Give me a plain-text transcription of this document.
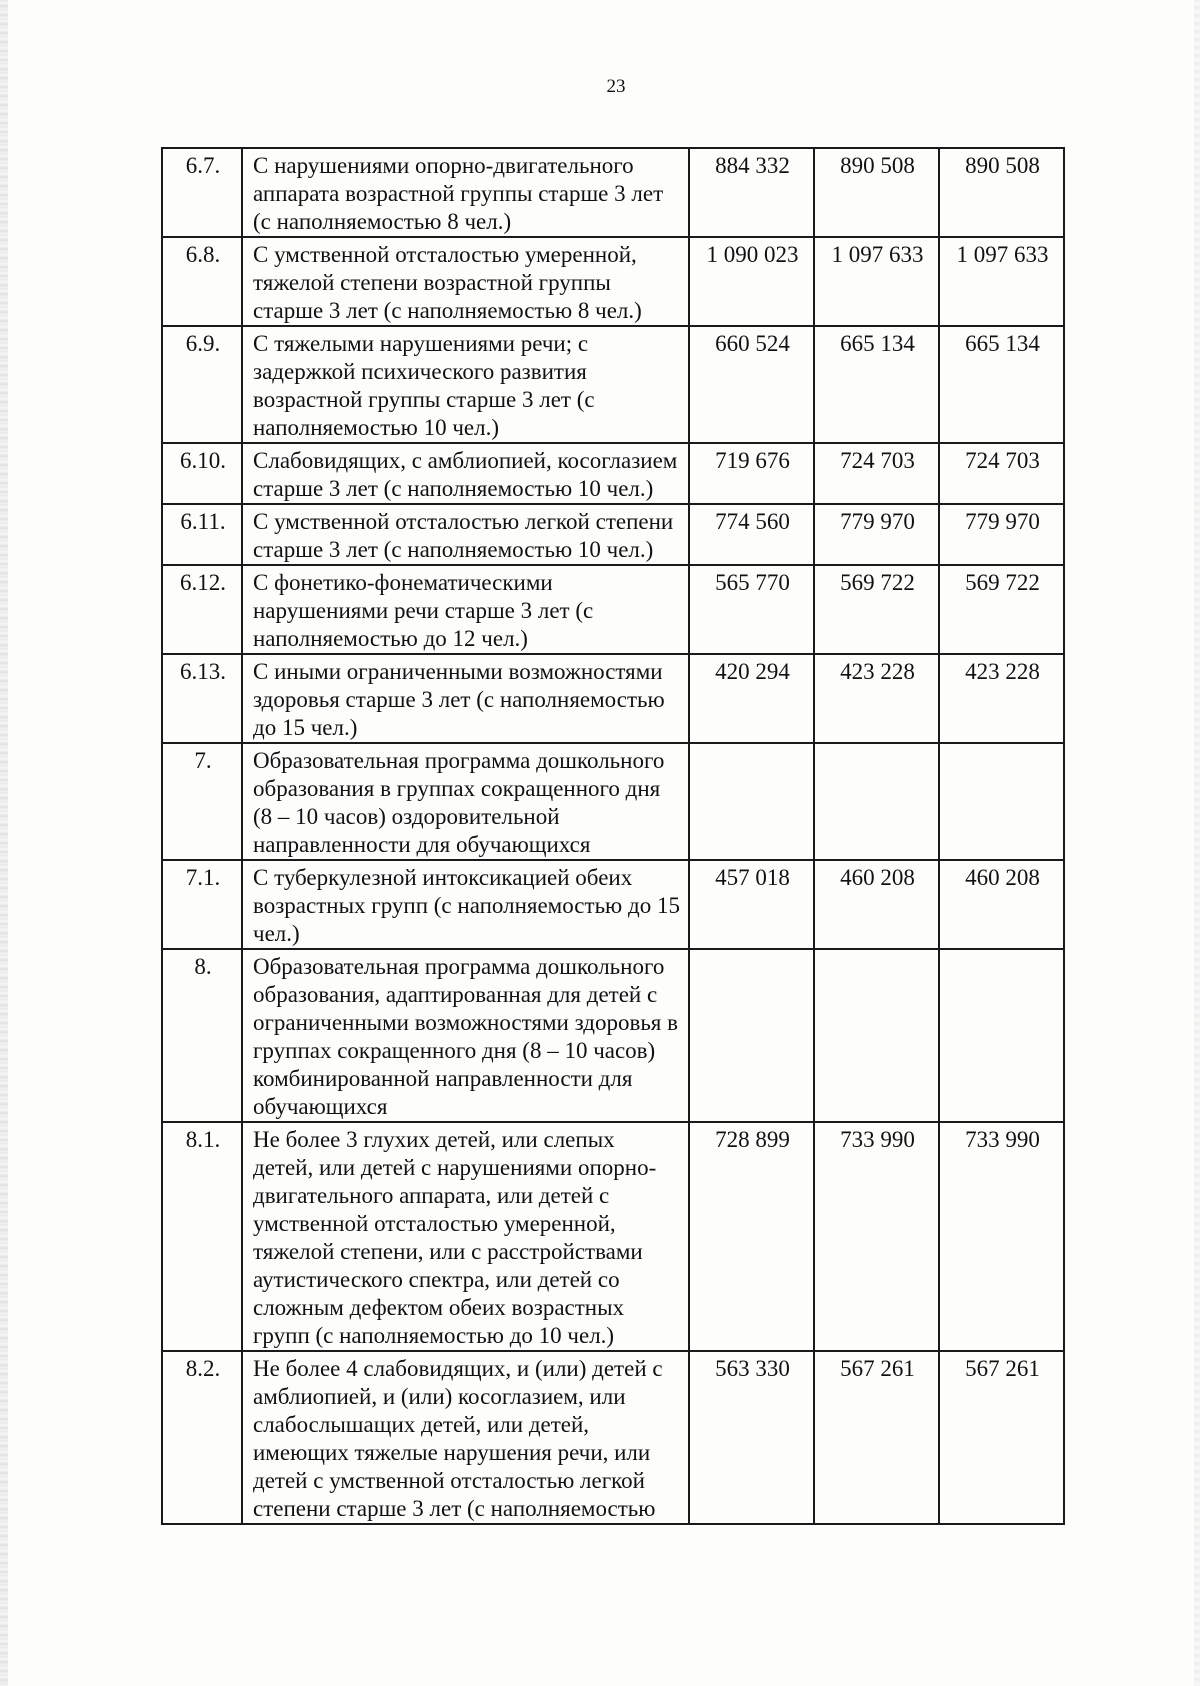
23
6.7.	С нарушениями опорно-двигательного аппарата возрастной группы старше 3 лет (с наполняемостью 8 чел.)	884 332	890 508	890 508
6.8.	С умственной отсталостью умеренной, тяжелой степени возрастной группы старше 3 лет (с наполняемостью 8 чел.)	1 090 023	1 097 633	1 097 633
6.9.	С тяжелыми нарушениями речи; с задержкой психического развития возрастной группы старше 3 лет (с наполняемостью 10 чел.)	660 524	665 134	665 134
6.10.	Слабовидящих, с амблиопией, косоглазием старше 3 лет (с наполняемостью 10 чел.)	719 676	724 703	724 703
6.11.	С умственной отсталостью легкой степени старше 3 лет (с наполняемостью 10 чел.)	774 560	779 970	779 970
6.12.	С фонетико-фонематическими нарушениями речи старше 3 лет (с наполняемостью до 12 чел.)	565 770	569 722	569 722
6.13.	С иными ограниченными возможностями здоровья старше 3 лет (с наполняемостью до 15 чел.)	420 294	423 228	423 228
7.	Образовательная программа дошкольного образования в группах сокращенного дня (8 – 10 часов) оздоровительной направленности для обучающихся			
7.1.	С туберкулезной интоксикацией обеих возрастных групп (с наполняемостью до 15 чел.)	457 018	460 208	460 208
8.	Образовательная программа дошкольного образования, адаптированная для детей с ограниченными возможностями здоровья в группах сокращенного дня (8 – 10 часов) комбинированной направленности для обучающихся			
8.1.	Не более 3 глухих детей, или слепых детей, или детей с нарушениями опорно-двигательного аппарата, или детей с умственной отсталостью умеренной, тяжелой степени, или с расстройствами аутистического спектра, или детей со сложным дефектом обеих возрастных групп (с наполняемостью до 10 чел.)	728 899	733 990	733 990
8.2.	Не более 4 слабовидящих, и (или) детей с амблиопией, и (или) косоглазием, или слабослышащих детей, или детей, имеющих тяжелые нарушения речи, или детей с умственной отсталостью легкой степени старше 3 лет (с наполняемостью	563 330	567 261	567 261
